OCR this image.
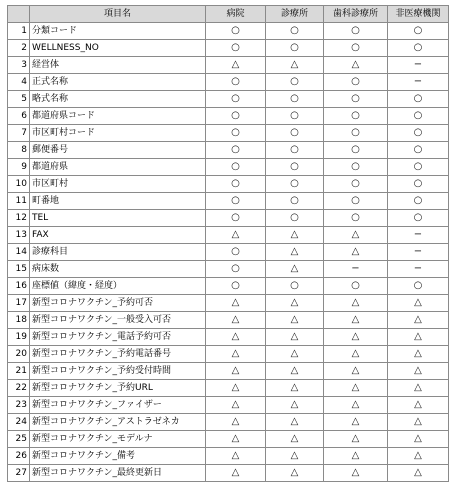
	項目名	病院	診療所	歯科診療所	非医療機関
1	分類コード	○	○	○	○
2	WELLNESS_NO	○	○	○	○
3	経営体	△	△	△	−
4	正式名称	○	○	○	−
5	略式名称	○	○	○	○
6	都道府県コード	○	○	○	○
7	市区町村コード	○	○	○	○
8	郵便番号	○	○	○	○
9	都道府県	○	○	○	○
10	市区町村	○	○	○	○
11	町番地	○	○	○	○
12	TEL	○	○	○	○
13	FAX	△	△	△	−
14	診療科目	○	△	△	−
15	病床数	○	△	−	−
16	座標値（緯度・経度）	○	○	○	○
17	新型コロナワクチン_予約可否	△	△	△	△
18	新型コロナワクチン_一般受入可否	△	△	△	△
19	新型コロナワクチン_電話予約可否	△	△	△	△
20	新型コロナワクチン_予約電話番号	△	△	△	△
21	新型コロナワクチン_予約受付時間	△	△	△	△
22	新型コロナワクチン_予約URL	△	△	△	△
23	新型コロナワクチン_ファイザー	△	△	△	△
24	新型コロナワクチン_アストラゼネカ	△	△	△	△
25	新型コロナワクチン_モデルナ	△	△	△	△
26	新型コロナワクチン_備考	△	△	△	△
27	新型コロナワクチン_最終更新日	△	△	△	△
